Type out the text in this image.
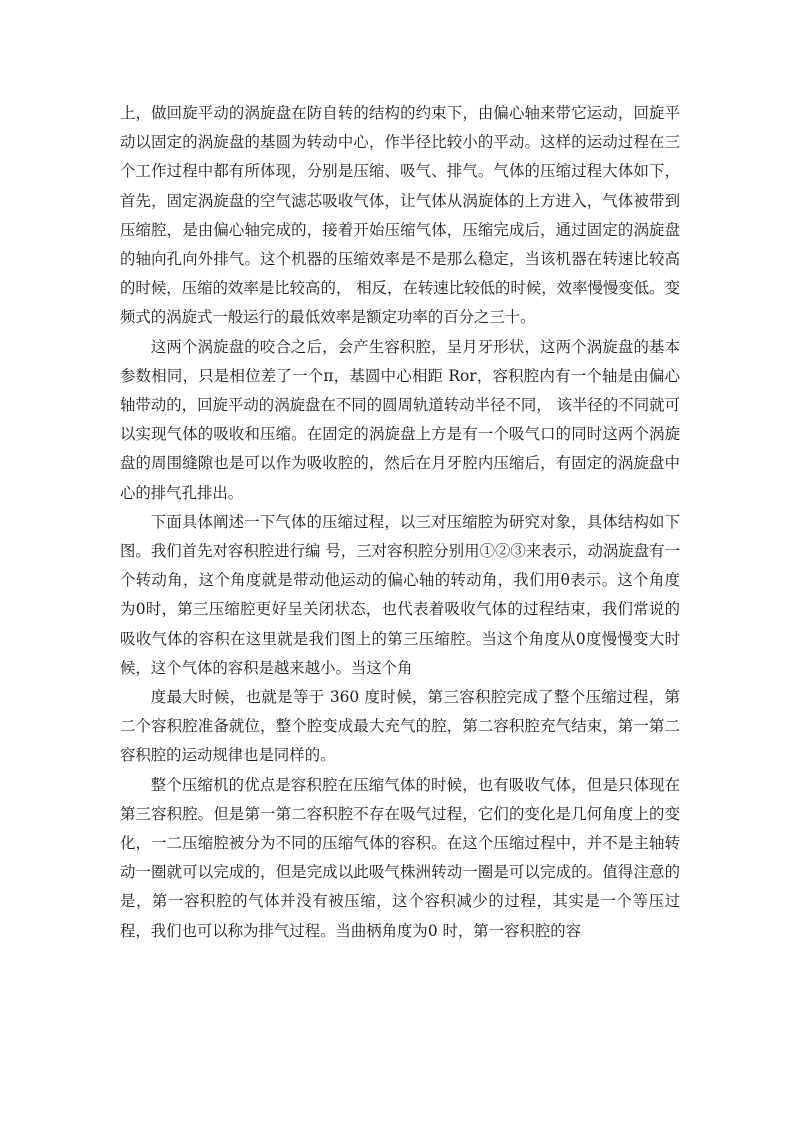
上，做回旋平动的涡旋盘在防自转的结构的约束下，由偏心轴来带它运动，回旋平动以固定的涡旋盘的基圆为转动中心，作半径比较小的平动。这样的运动过程在三个工作过程中都有所体现，分别是压缩、吸气、排气。气体的压缩过程大体如下，首先，固定涡旋盘的空气滤芯吸收气体，让气体从涡旋体的上方进入，气体被带到压缩腔，是由偏心轴完成的，接着开始压缩气体，压缩完成后，通过固定的涡旋盘的轴向孔向外排气。这个机器的压缩效率是不是那么稳定，当该机器在转速比较高的时候，压缩的效率是比较高的， 相反，在转速比较低的时候，效率慢慢变低。变频式的涡旋式一般运行的最低效率是额定功率的百分之三十。

这两个涡旋盘的咬合之后，会产生容积腔，呈月牙形状，这两个涡旋盘的基本参数相同，只是相位差了一个π，基圆中心相距 Ror，容积腔内有一个轴是由偏心轴带动的，回旋平动的涡旋盘在不同的圆周轨道转动半径不同， 该半径的不同就可以实现气体的吸收和压缩。在固定的涡旋盘上方是有一个吸气口的同时这两个涡旋盘的周围缝隙也是可以作为吸收腔的，然后在月牙腔内压缩后，有固定的涡旋盘中心的排气孔排出。

下面具体阐述一下气体的压缩过程，以三对压缩腔为研究对象，具体结构如下图。我们首先对容积腔进行编 号，三对容积腔分别用①②③来表示，动涡旋盘有一个转动角，这个角度就是带动他运动的偏心轴的转动角，我们用θ表示。这个角度为0时，第三压缩腔更好呈关闭状态，也代表着吸收气体的过程结束，我们常说的吸收气体的容积在这里就是我们图上的第三压缩腔。当这个角度从0度慢慢变大时候，这个气体的容积是越来越小。当这个角

度最大时候，也就是等于 360 度时候，第三容积腔完成了整个压缩过程，第二个容积腔准备就位，整个腔变成最大充气的腔，第二容积腔充气结束，第一第二容积腔的运动规律也是同样的。

整个压缩机的优点是容积腔在压缩气体的时候，也有吸收气体，但是只体现在第三容积腔。但是第一第二容积腔不存在吸气过程，它们的变化是几何角度上的变化，一二压缩腔被分为不同的压缩气体的容积。在这个压缩过程中，并不是主轴转动一圈就可以完成的，但是完成以此吸气株洲转动一圈是可以完成的。值得注意的是，第一容积腔的气体并没有被压缩，这个容积减少的过程，其实是一个等压过程，我们也可以称为排气过程。当曲柄角度为0 时，第一容积腔的容
